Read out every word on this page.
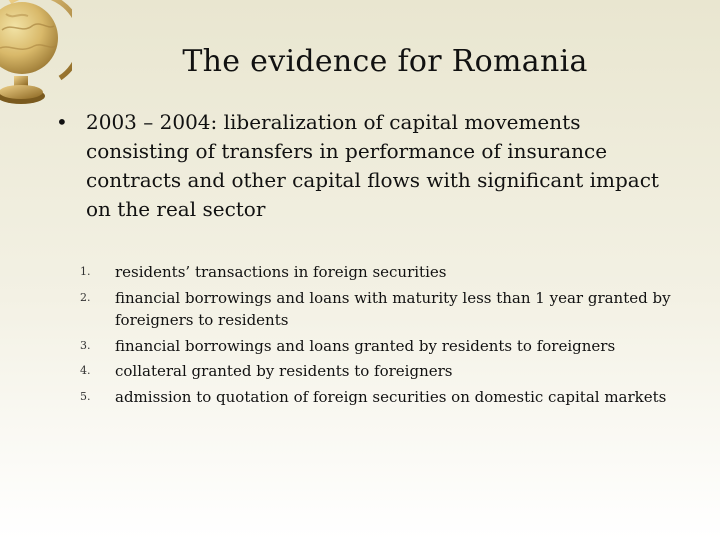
The evidence for Romania
• 2003 – 2004: liberalization of capital movements consisting of transfers in performance of insurance contracts and other capital flows with significant impact on the real sector
1.	residents’ transactions in foreign securities
2.	financial borrowings and loans with maturity less than 1 year granted by foreigners to residents
3.	financial borrowings and loans granted by residents to foreigners
4.	collateral granted by residents to foreigners
5.	admission to quotation of foreign securities on domestic capital markets
